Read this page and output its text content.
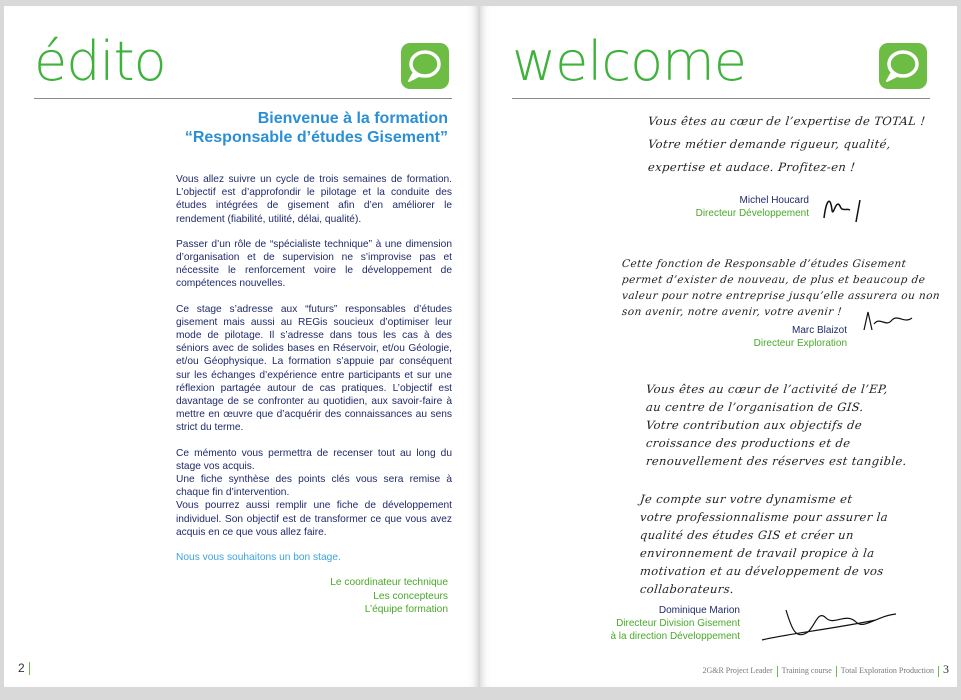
édito
Bienvenue à la formation
“Responsable d’études Gisement”

Vous allez suivre un cycle de trois semaines de formation. L’objectif est d’approfondir le pilotage et la conduite des études intégrées de gisement afin d’en améliorer le rendement (fiabilité, utilité, délai, qualité).

Passer d’un rôle de “spécialiste technique” à une dimension d’organisation et de supervision ne s’improvise pas et nécessite le renforcement voire le développement de compétences nouvelles.

Ce stage s’adresse aux “futurs” responsables d’études gisement mais aussi au REGis soucieux d’optimiser leur mode de pilotage. Il s’adresse dans tous les cas à des séniors avec de solides bases en Réservoir, et/ou Géologie, et/ou Géophysique. La formation s’appuie par conséquent sur les échanges d’expérience entre participants et sur une réflexion partagée autour de cas pratiques. L’objectif est davantage de se confronter au quotidien, aux savoir-faire à mettre en œuvre que d’acquérir des connaissances au sens strict du terme.

Ce mémento vous permettra de recenser tout au long du stage vos acquis.

Une fiche synthèse des points clés vous sera remise à chaque fin d’intervention.

Vous pourrez aussi remplir une fiche de développement individuel. Son objectif est de transformer ce que vous avez acquis en ce que vous allez faire.

Nous vous souhaitons un bon stage.

Le coordinateur technique
Les concepteurs
L’équipe formation
2
welcome
Vous êtes au cœur de l’expertise de TOTAL !
Votre métier demande rigueur, qualité,
expertise et audace. Profitez-en !
Michel Houcard
Directeur Développement
Cette fonction de Responsable d’études Gisement
permet d’exister de nouveau, de plus et beaucoup de
valeur pour notre entreprise jusqu’elle assurera ou non
son avenir, notre avenir, votre avenir !
Marc Blaizot
Directeur Exploration
Vous êtes au cœur de l’activité de l’EP,
au centre de l’organisation de GIS.
Votre contribution aux objectifs de
croissance des productions et de
renouvellement des réserves est tangible.
Je compte sur votre dynamisme et
votre professionnalisme pour assurer la
qualité des études GIS et créer un
environnement de travail propice à la
motivation et au développement de vos
collaborateurs.
Dominique Marion
Directeur Division Gisement
à la direction Développement
2G&R Project Leader Training course Total Exploration Production 3
